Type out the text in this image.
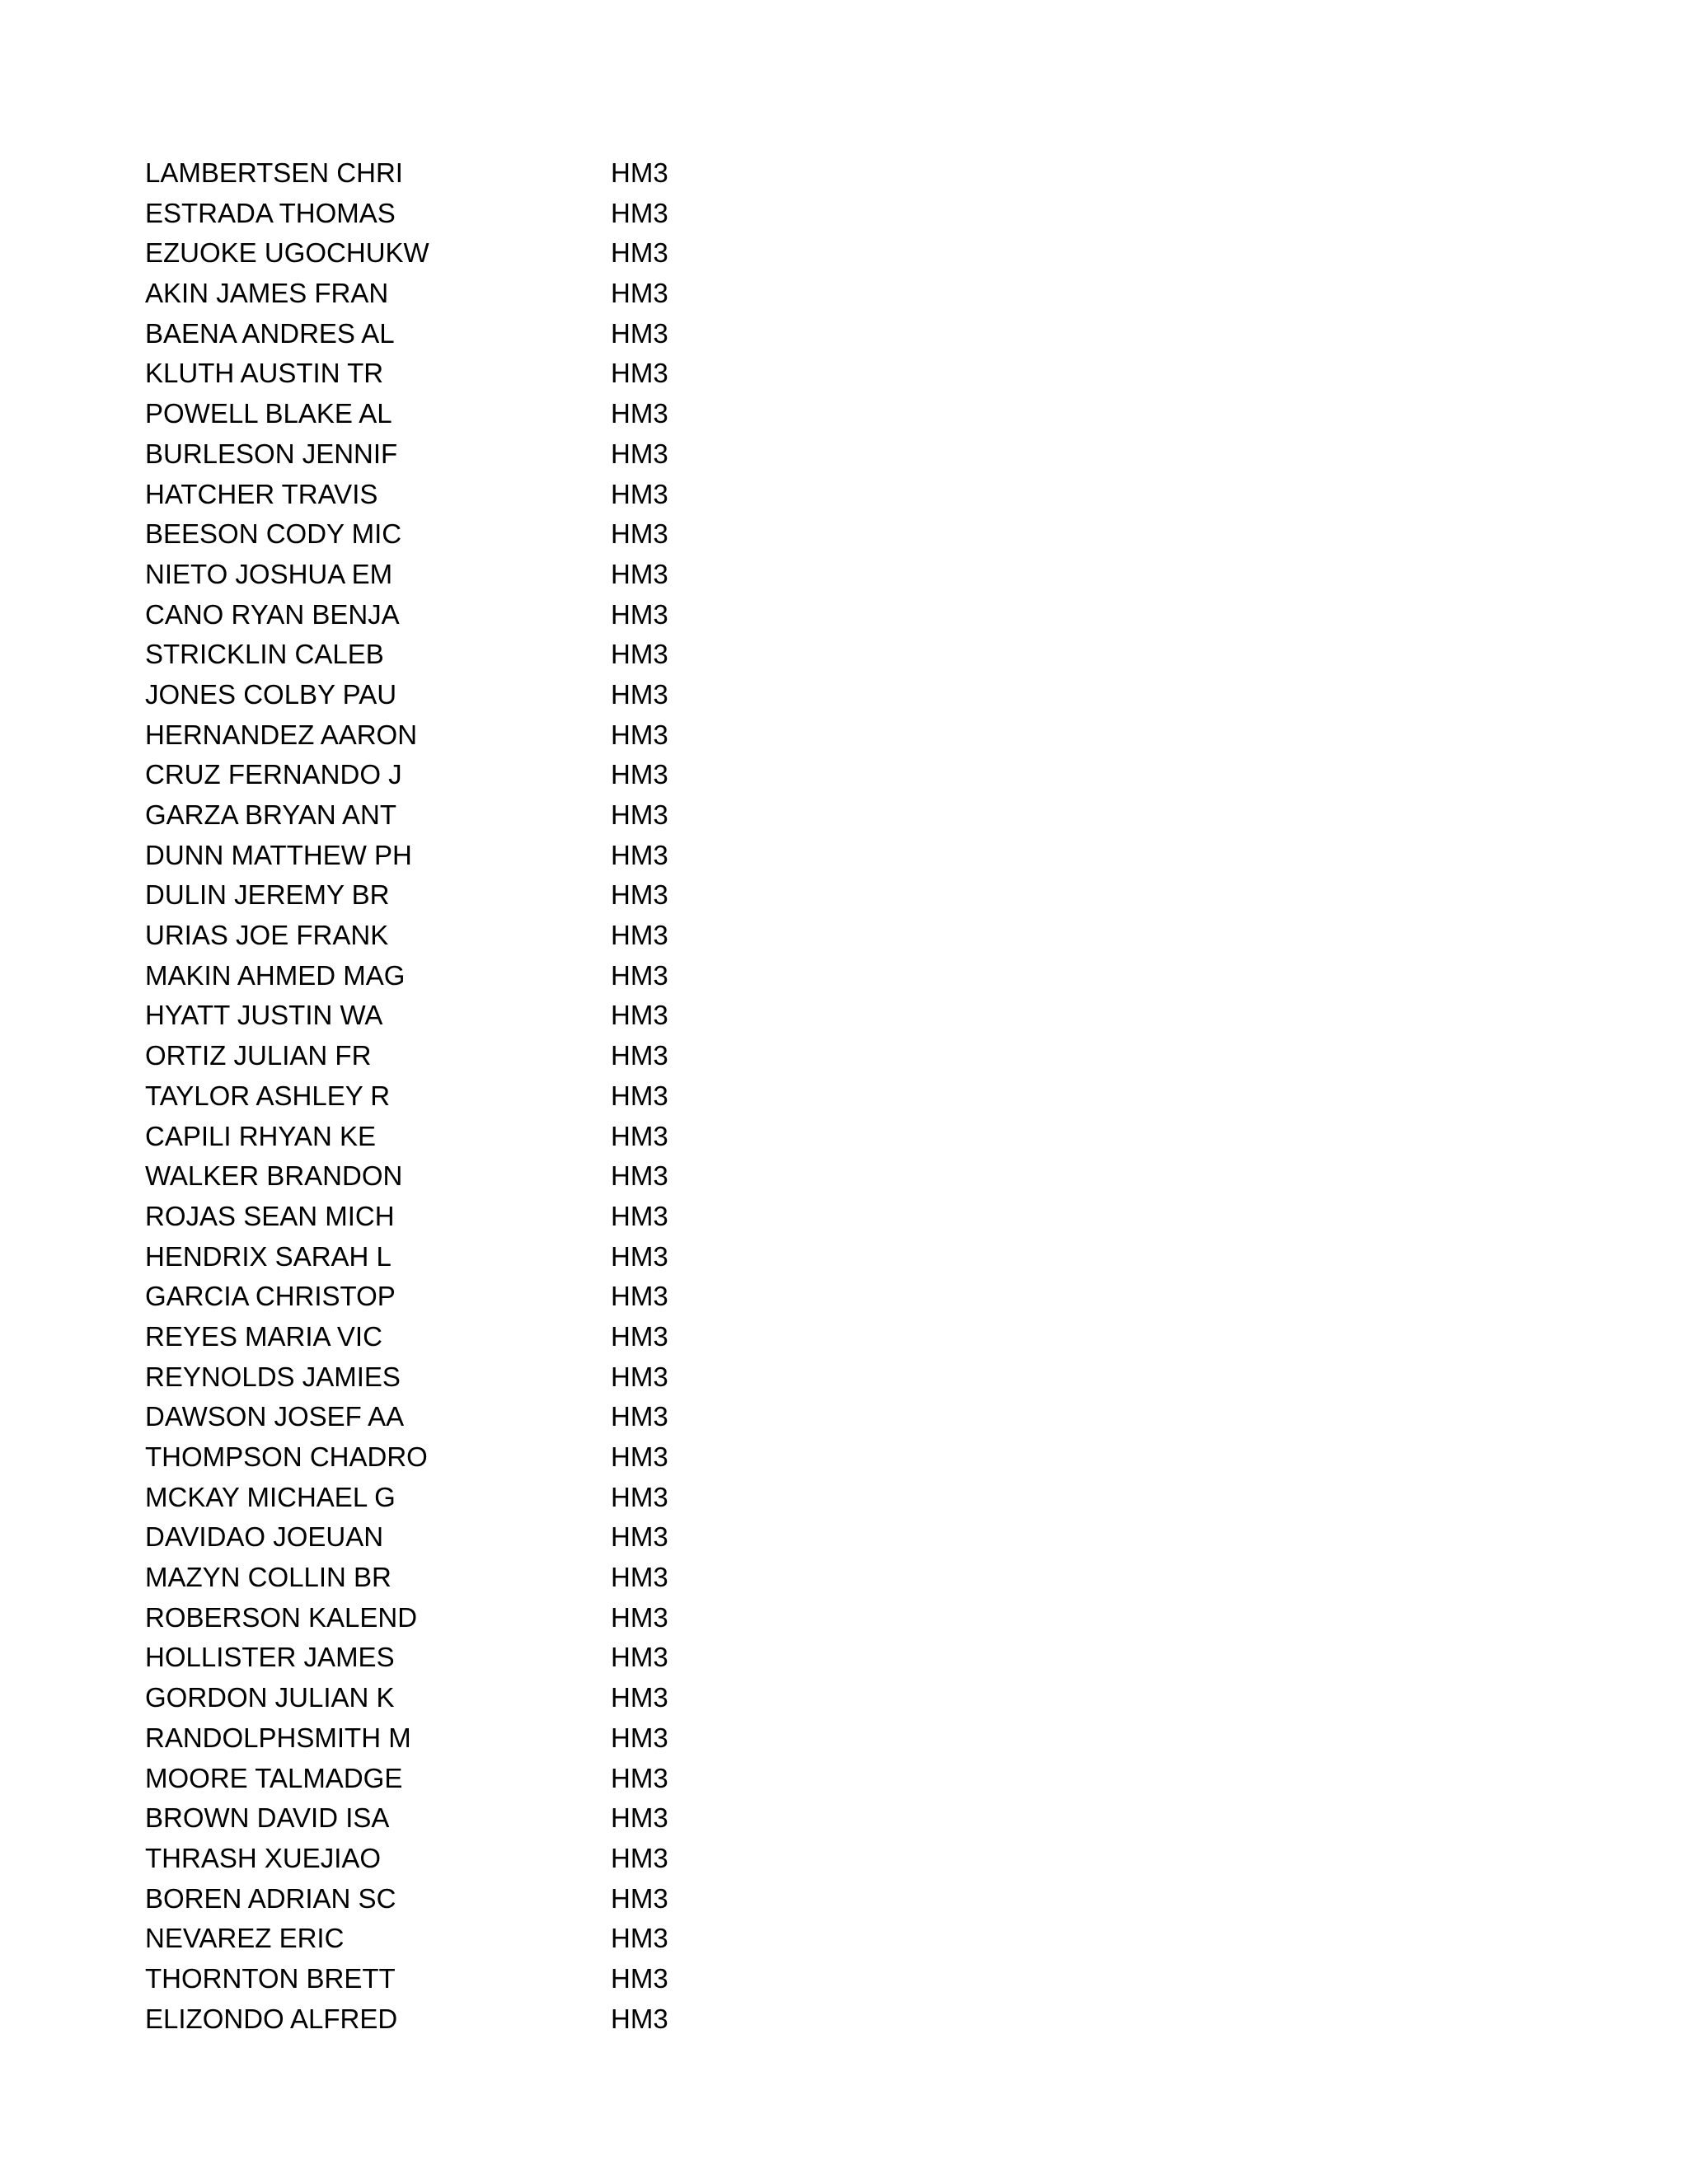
LAMBERTSEN CHRI	HM3
ESTRADA THOMAS	HM3
EZUOKE UGOCHUKW	HM3
AKIN JAMES FRAN	HM3
BAENA ANDRES AL	HM3
KLUTH AUSTIN TR	HM3
POWELL BLAKE AL	HM3
BURLESON JENNIF	HM3
HATCHER TRAVIS	HM3
BEESON CODY MIC	HM3
NIETO JOSHUA EM	HM3
CANO RYAN BENJA	HM3
STRICKLIN CALEB	HM3
JONES COLBY PAU	HM3
HERNANDEZ AARON	HM3
CRUZ FERNANDO J	HM3
GARZA BRYAN ANT	HM3
DUNN MATTHEW PH	HM3
DULIN JEREMY BR	HM3
URIAS JOE FRANK	HM3
MAKIN AHMED MAG	HM3
HYATT JUSTIN WA	HM3
ORTIZ JULIAN FR	HM3
TAYLOR ASHLEY R	HM3
CAPILI RHYAN KE	HM3
WALKER BRANDON	HM3
ROJAS SEAN MICH	HM3
HENDRIX SARAH L	HM3
GARCIA CHRISTOP	HM3
REYES MARIA VIC	HM3
REYNOLDS JAMIES	HM3
DAWSON JOSEF AA	HM3
THOMPSON CHADRO	HM3
MCKAY MICHAEL G	HM3
DAVIDAO JOEUAN	HM3
MAZYN COLLIN BR	HM3
ROBERSON KALEND	HM3
HOLLISTER JAMES	HM3
GORDON JULIAN K	HM3
RANDOLPHSMITH M	HM3
MOORE TALMADGE	HM3
BROWN DAVID ISA	HM3
THRASH XUEJIAO	HM3
BOREN ADRIAN SC	HM3
NEVAREZ ERIC	HM3
THORNTON BRETT	HM3
ELIZONDO ALFRED	HM3
